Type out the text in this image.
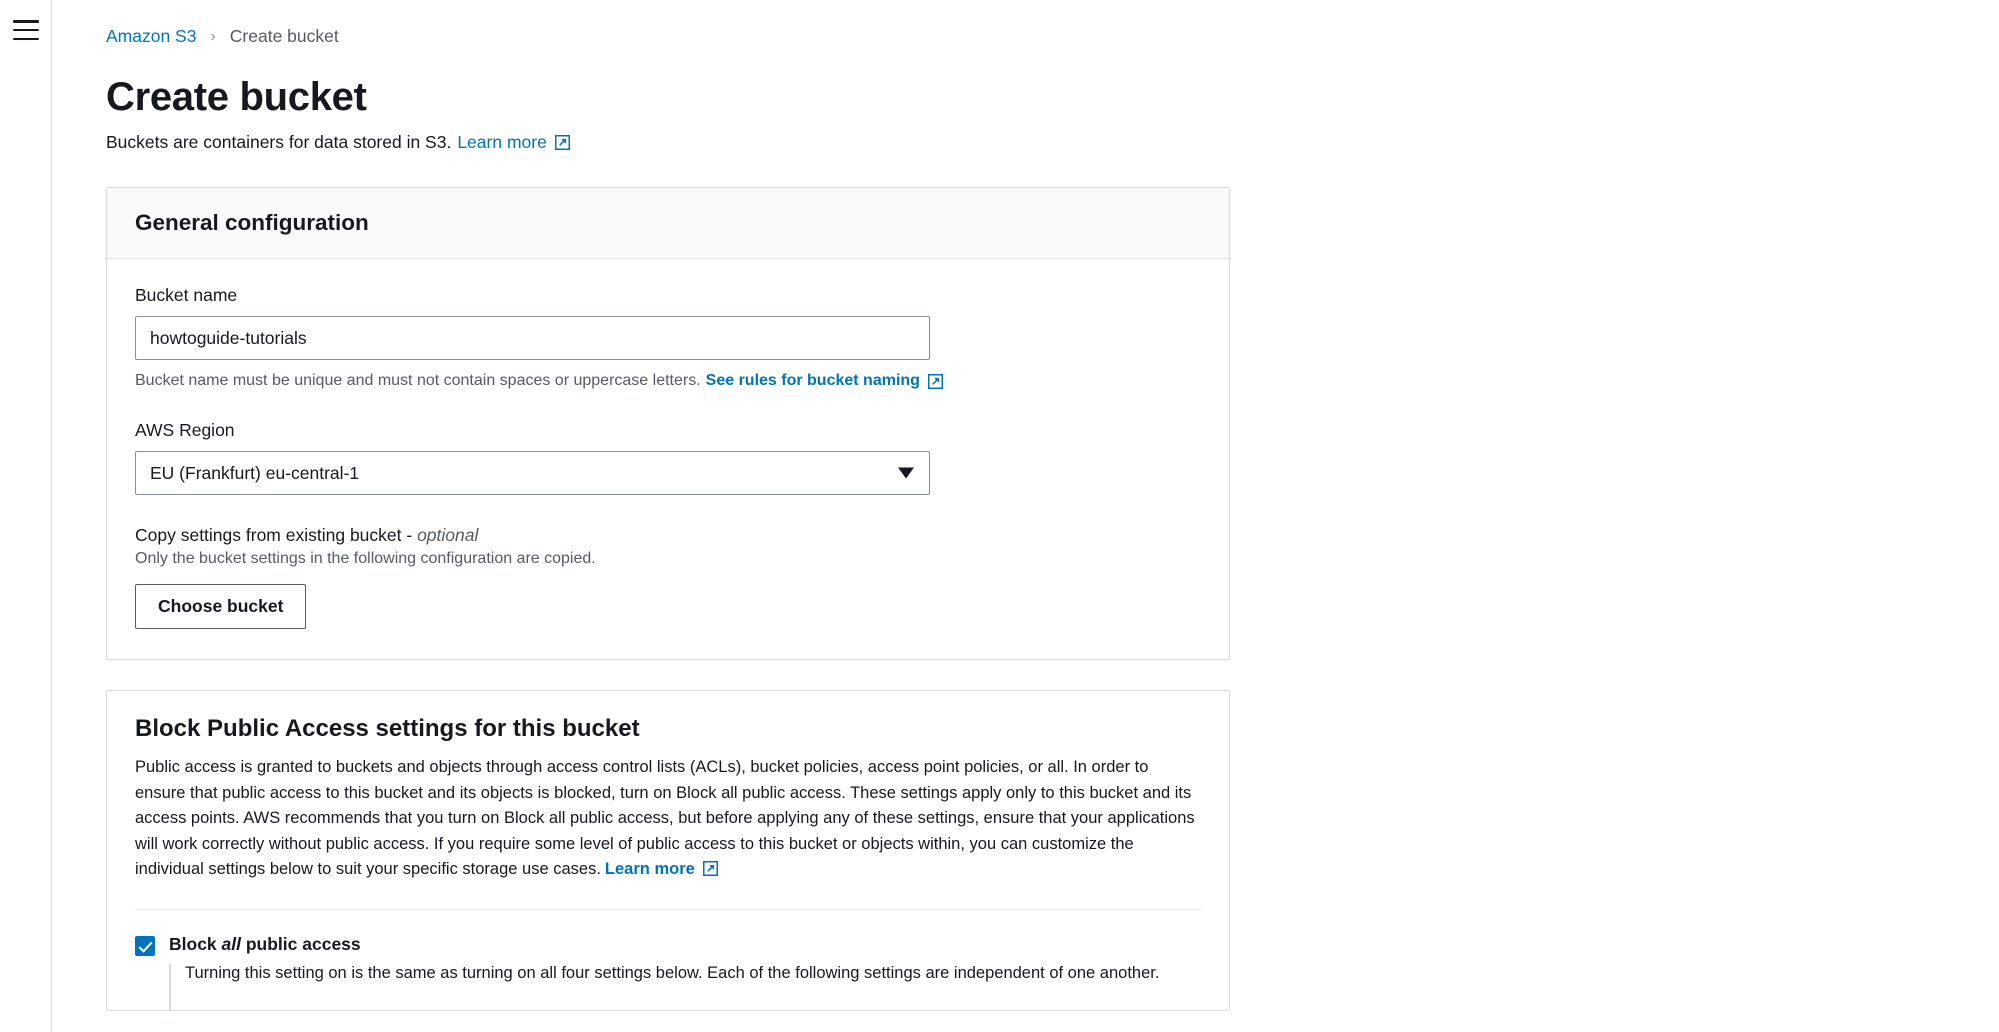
Amazon S3 › Create bucket
Create bucket
Buckets are containers for data stored in S3. Learn more
General configuration
Bucket name
howtoguide-tutorials
Bucket name must be unique and must not contain spaces or uppercase letters. See rules for bucket naming
AWS Region
EU (Frankfurt) eu-central-1
Copy settings from existing bucket - optional
Only the bucket settings in the following configuration are copied.
Choose bucket
Block Public Access settings for this bucket
Public access is granted to buckets and objects through access control lists (ACLs), bucket policies, access point policies, or all. In order to ensure that public access to this bucket and its objects is blocked, turn on Block all public access. These settings apply only to this bucket and its access points. AWS recommends that you turn on Block all public access, but before applying any of these settings, ensure that your applications will work correctly without public access. If you require some level of public access to this bucket or objects within, you can customize the individual settings below to suit your specific storage use cases. Learn more
Block all public access
Turning this setting on is the same as turning on all four settings below. Each of the following settings are independent of one another.
